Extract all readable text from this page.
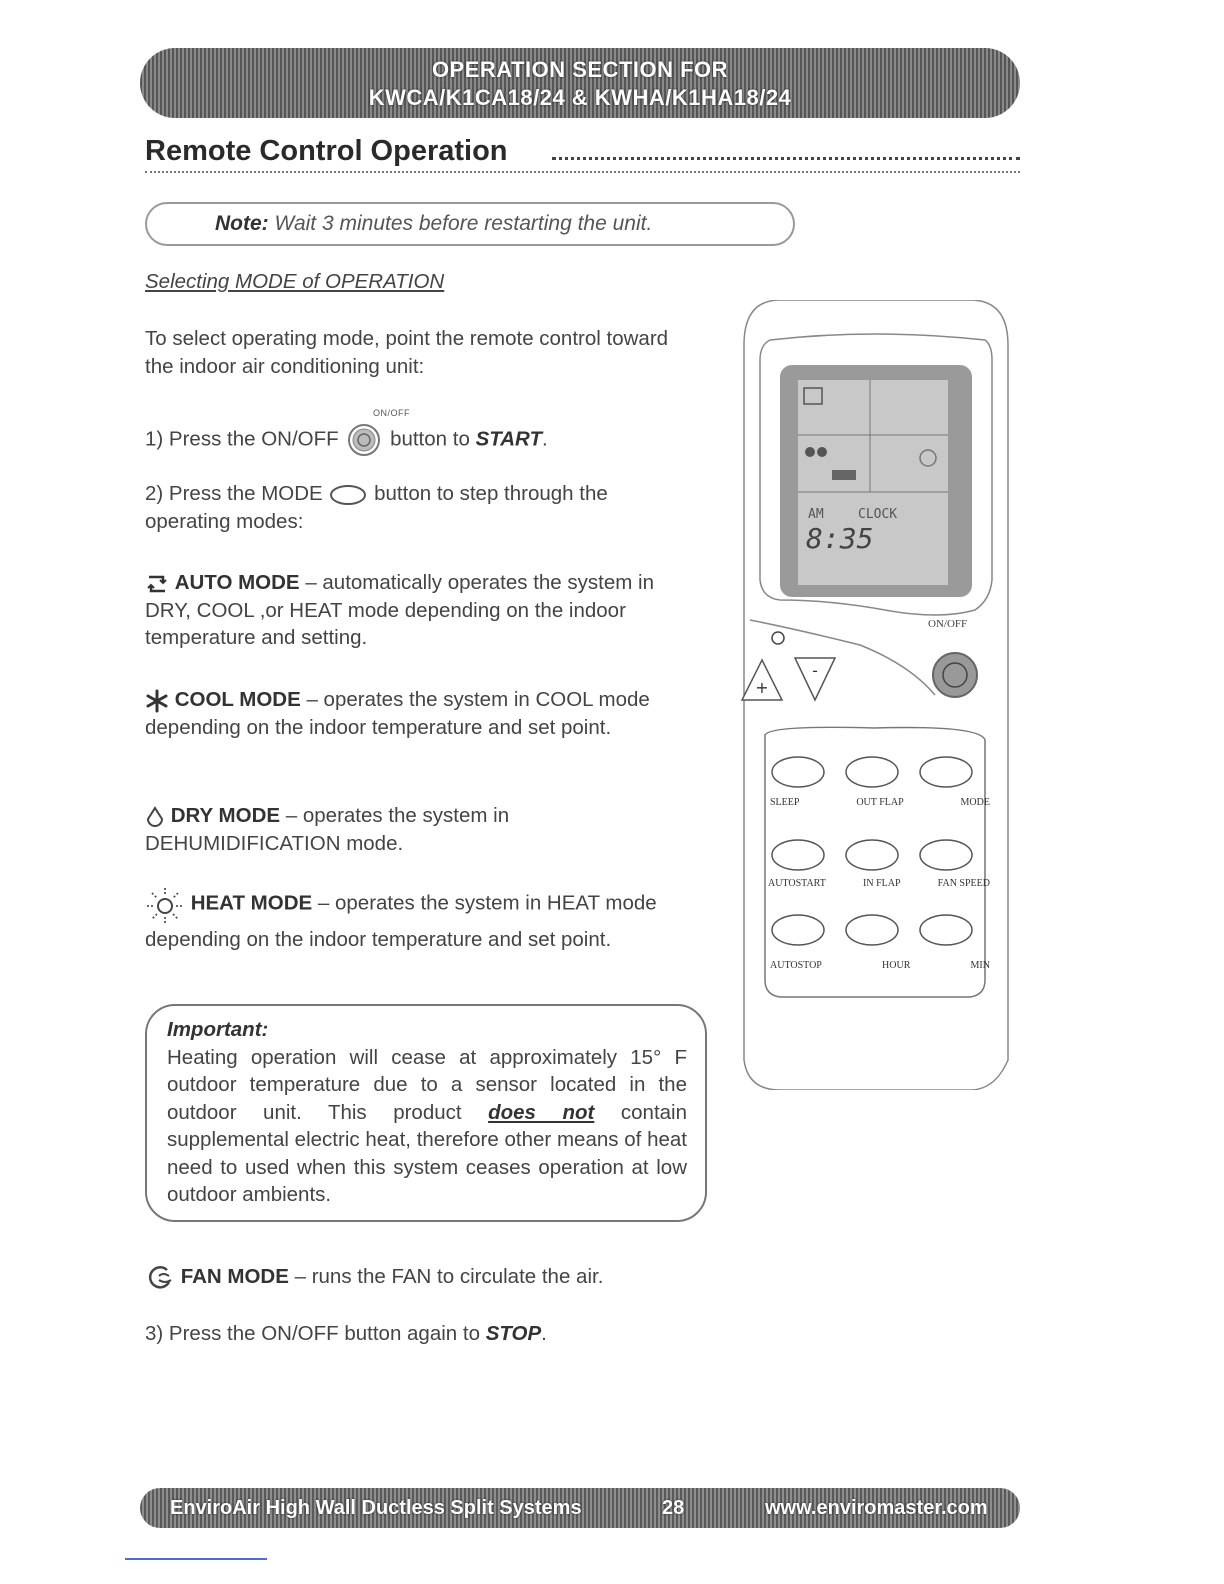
OPERATION SECTION FOR
KWCA/K1CA18/24 & KWHA/K1HA18/24
Remote Control Operation
Note: Wait 3 minutes before restarting the unit.
Selecting MODE of OPERATION
To select operating mode, point the remote control toward the indoor air conditioning unit:
ON/OFF
1) Press the ON/OFF	button to START.
2) Press the MODE	button to step through the operating modes:
AUTO MODE – automatically operates the system in DRY, COOL ,or HEAT mode depending on the indoor temperature and setting.
COOL MODE – operates the system in COOL mode depending on the indoor temperature and set point.
DRY MODE – operates the system in DEHUMIDIFICATION mode.
HEAT MODE – operates the system in HEAT mode depending on the indoor temperature and set point.
Important:
Heating operation will cease at approximately 15° F outdoor temperature due to a sensor located in the outdoor unit. This product does not contain supplemental electric heat, therefore other means of heat need to used when this system ceases operation at low outdoor ambients.
FAN MODE – runs the FAN to circulate the air.
3) Press the ON/OFF button again to STOP.
+
-
AM	CLOCK
8:35
ON/OFF
SLEEP	OUT FLAP	MODE
AUTOSTART	IN FLAP	FAN SPEED
AUTOSTOP	HOUR	MIN
EnviroAir High Wall Ductless Split Systems	28	www.enviromaster.com
